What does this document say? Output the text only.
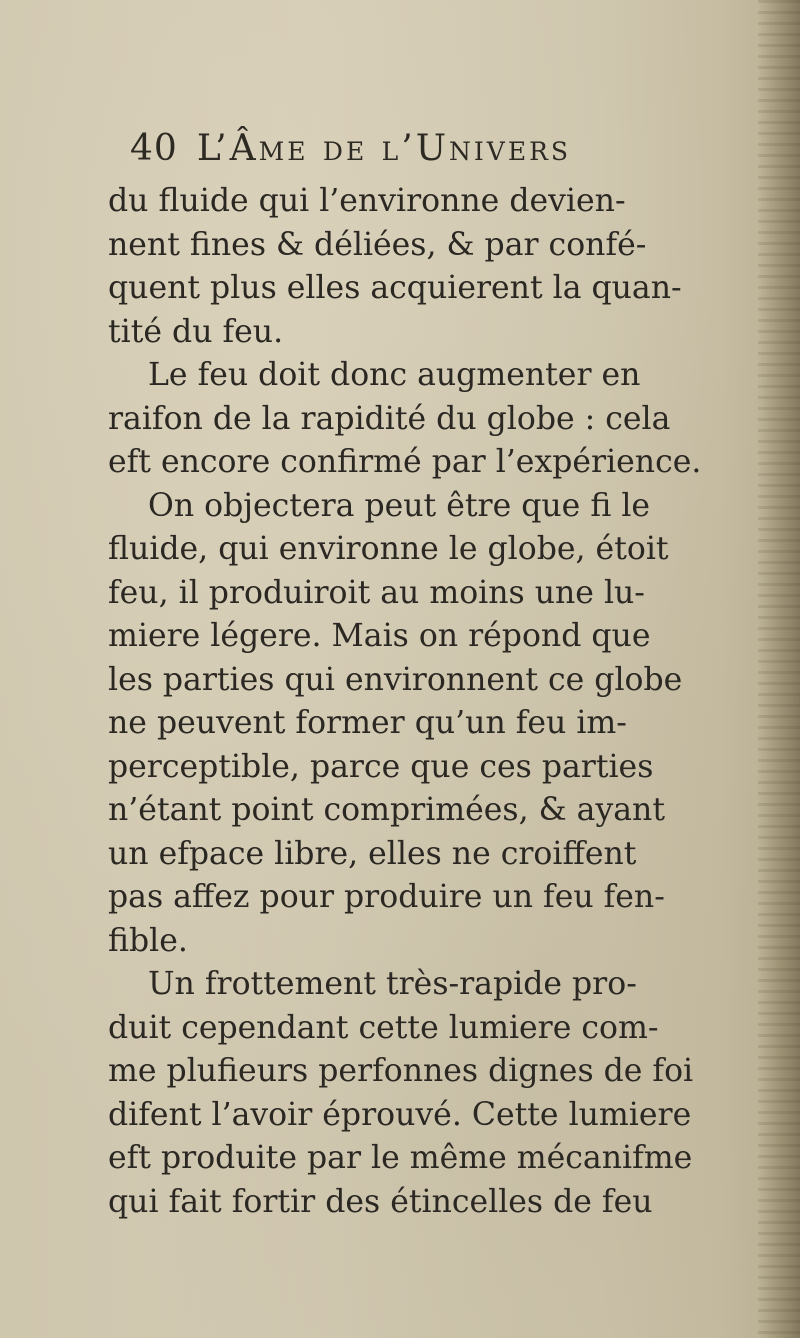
40 L’Âme de l’Univers
du fluide qui l’environne devien-
nent fines & déliées, & par confé-
quent plus elles acquierent la quan-
tité du feu.
Le feu doit donc augmenter en
raifon de la rapidité du globe : cela
eft encore confirmé par l’expérience.
On objectera peut être que fi le
fluide, qui environne le globe, étoit
feu, il produiroit au moins une lu-
miere légere. Mais on répond que
les parties qui environnent ce globe
ne peuvent former qu’un feu im-
perceptible, parce que ces parties
n’étant point comprimées, & ayant
un efpace libre, elles ne croiffent
pas affez pour produire un feu fen-
fible.
Un frottement très-rapide pro-
duit cependant cette lumiere com-
me plufieurs perfonnes dignes de foi
difent l’avoir éprouvé. Cette lumiere
eft produite par le même mécanifme
qui fait fortir des étincelles de feu
